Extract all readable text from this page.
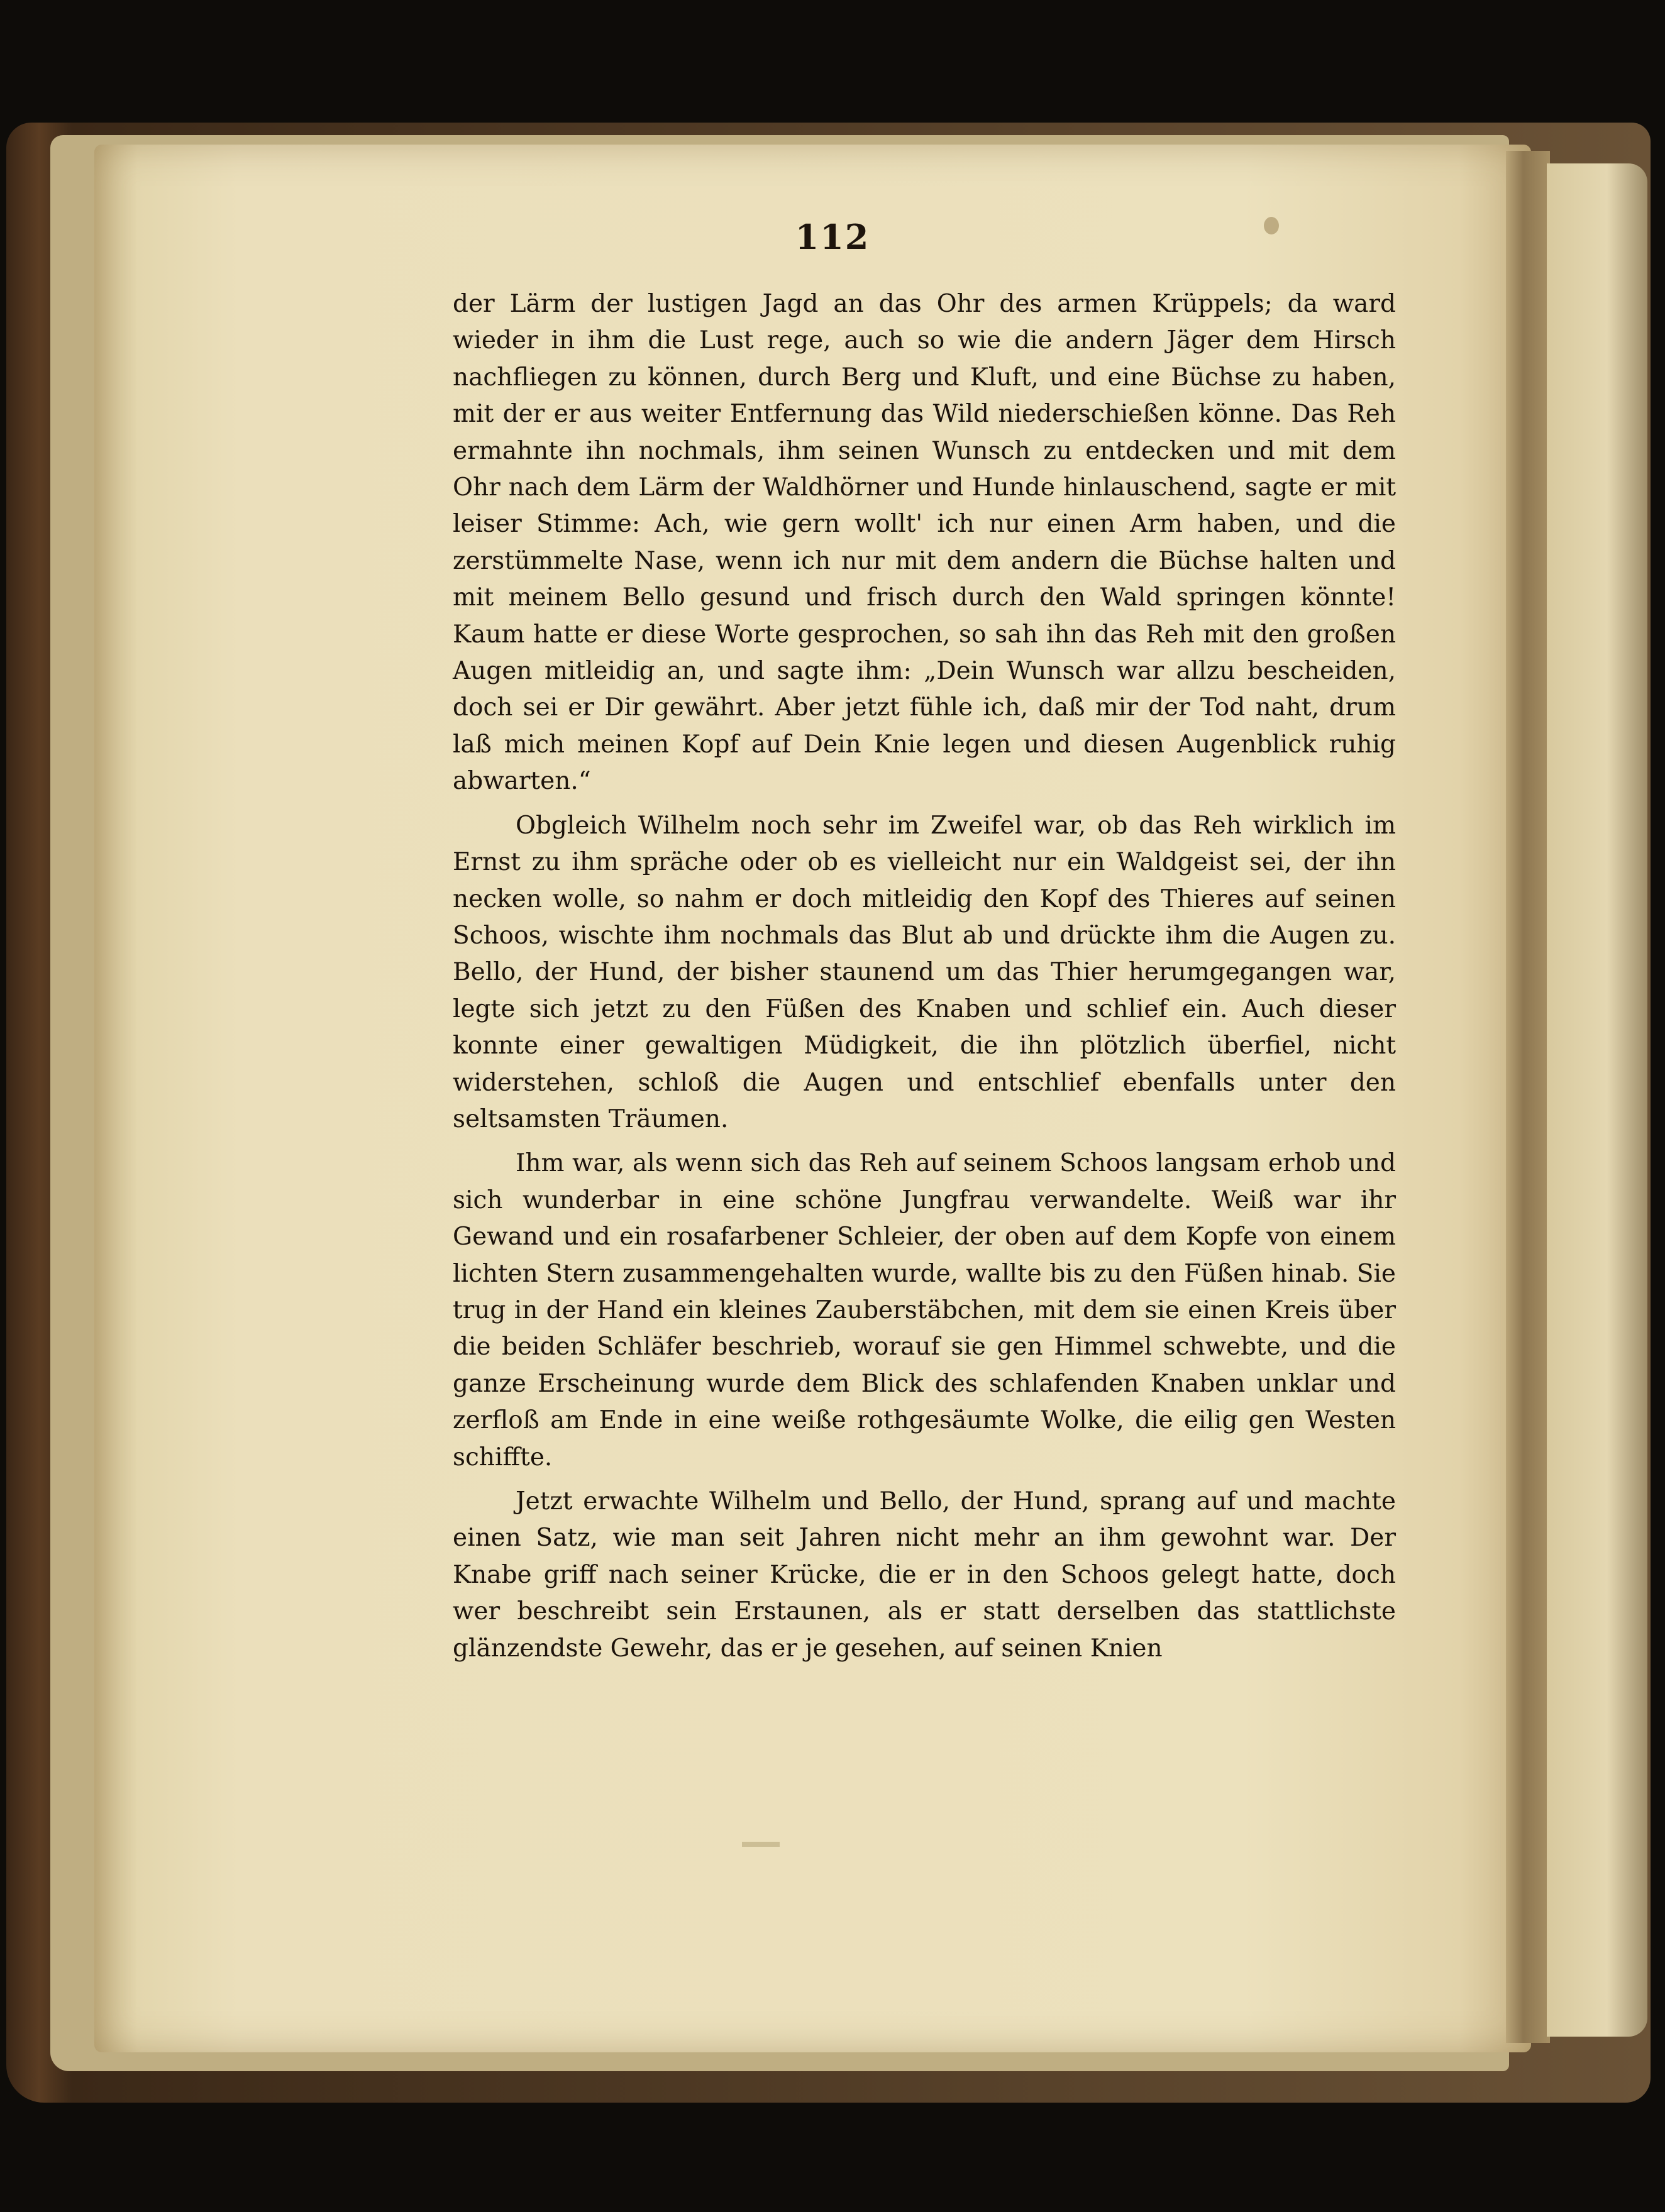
112

der Lärm der lustigen Jagd an das Ohr des armen Krüppels; da ward wieder in ihm die Lust rege, auch so wie die andern Jäger dem Hirsch nachfliegen zu können, durch Berg und Kluft, und eine Büchse zu haben, mit der er aus weiter Entfernung das Wild niederschießen könne. Das Reh ermahnte ihn nochmals, ihm seinen Wunsch zu entdecken und mit dem Ohr nach dem Lärm der Waldhörner und Hunde hinlauschend, sagte er mit leiser Stimme: Ach, wie gern wollt' ich nur einen Arm haben, und die zerstümmelte Nase, wenn ich nur mit dem andern die Büchse halten und mit meinem Bello gesund und frisch durch den Wald springen könnte! Kaum hatte er diese Worte gesprochen, so sah ihn das Reh mit den großen Augen mitleidig an, und sagte ihm: „Dein Wunsch war allzu bescheiden, doch sei er Dir gewährt. Aber jetzt fühle ich, daß mir der Tod naht, drum laß mich meinen Kopf auf Dein Knie legen und diesen Augenblick ruhig abwarten.“

Obgleich Wilhelm noch sehr im Zweifel war, ob das Reh wirklich im Ernst zu ihm spräche oder ob es vielleicht nur ein Waldgeist sei, der ihn necken wolle, so nahm er doch mitleidig den Kopf des Thieres auf seinen Schoos, wischte ihm nochmals das Blut ab und drückte ihm die Augen zu. Bello, der Hund, der bisher staunend um das Thier herumgegangen war, legte sich jetzt zu den Füßen des Knaben und schlief ein. Auch dieser konnte einer gewaltigen Müdigkeit, die ihn plötzlich überfiel, nicht widerstehen, schloß die Augen und entschlief ebenfalls unter den seltsamsten Träumen.

Ihm war, als wenn sich das Reh auf seinem Schoos langsam erhob und sich wunderbar in eine schöne Jungfrau verwandelte. Weiß war ihr Gewand und ein rosafarbener Schleier, der oben auf dem Kopfe von einem lichten Stern zusammengehalten wurde, wallte bis zu den Füßen hinab. Sie trug in der Hand ein kleines Zauberstäbchen, mit dem sie einen Kreis über die beiden Schläfer beschrieb, worauf sie gen Himmel schwebte, und die ganze Erscheinung wurde dem Blick des schlafenden Knaben unklar und zerfloß am Ende in eine weiße rothgesäumte Wolke, die eilig gen Westen schiffte.

Jetzt erwachte Wilhelm und Bello, der Hund, sprang auf und machte einen Satz, wie man seit Jahren nicht mehr an ihm gewohnt war. Der Knabe griff nach seiner Krücke, die er in den Schoos gelegt hatte, doch wer beschreibt sein Erstaunen, als er statt derselben das stattlichste glänzendste Gewehr, das er je gesehen, auf seinen Knien
